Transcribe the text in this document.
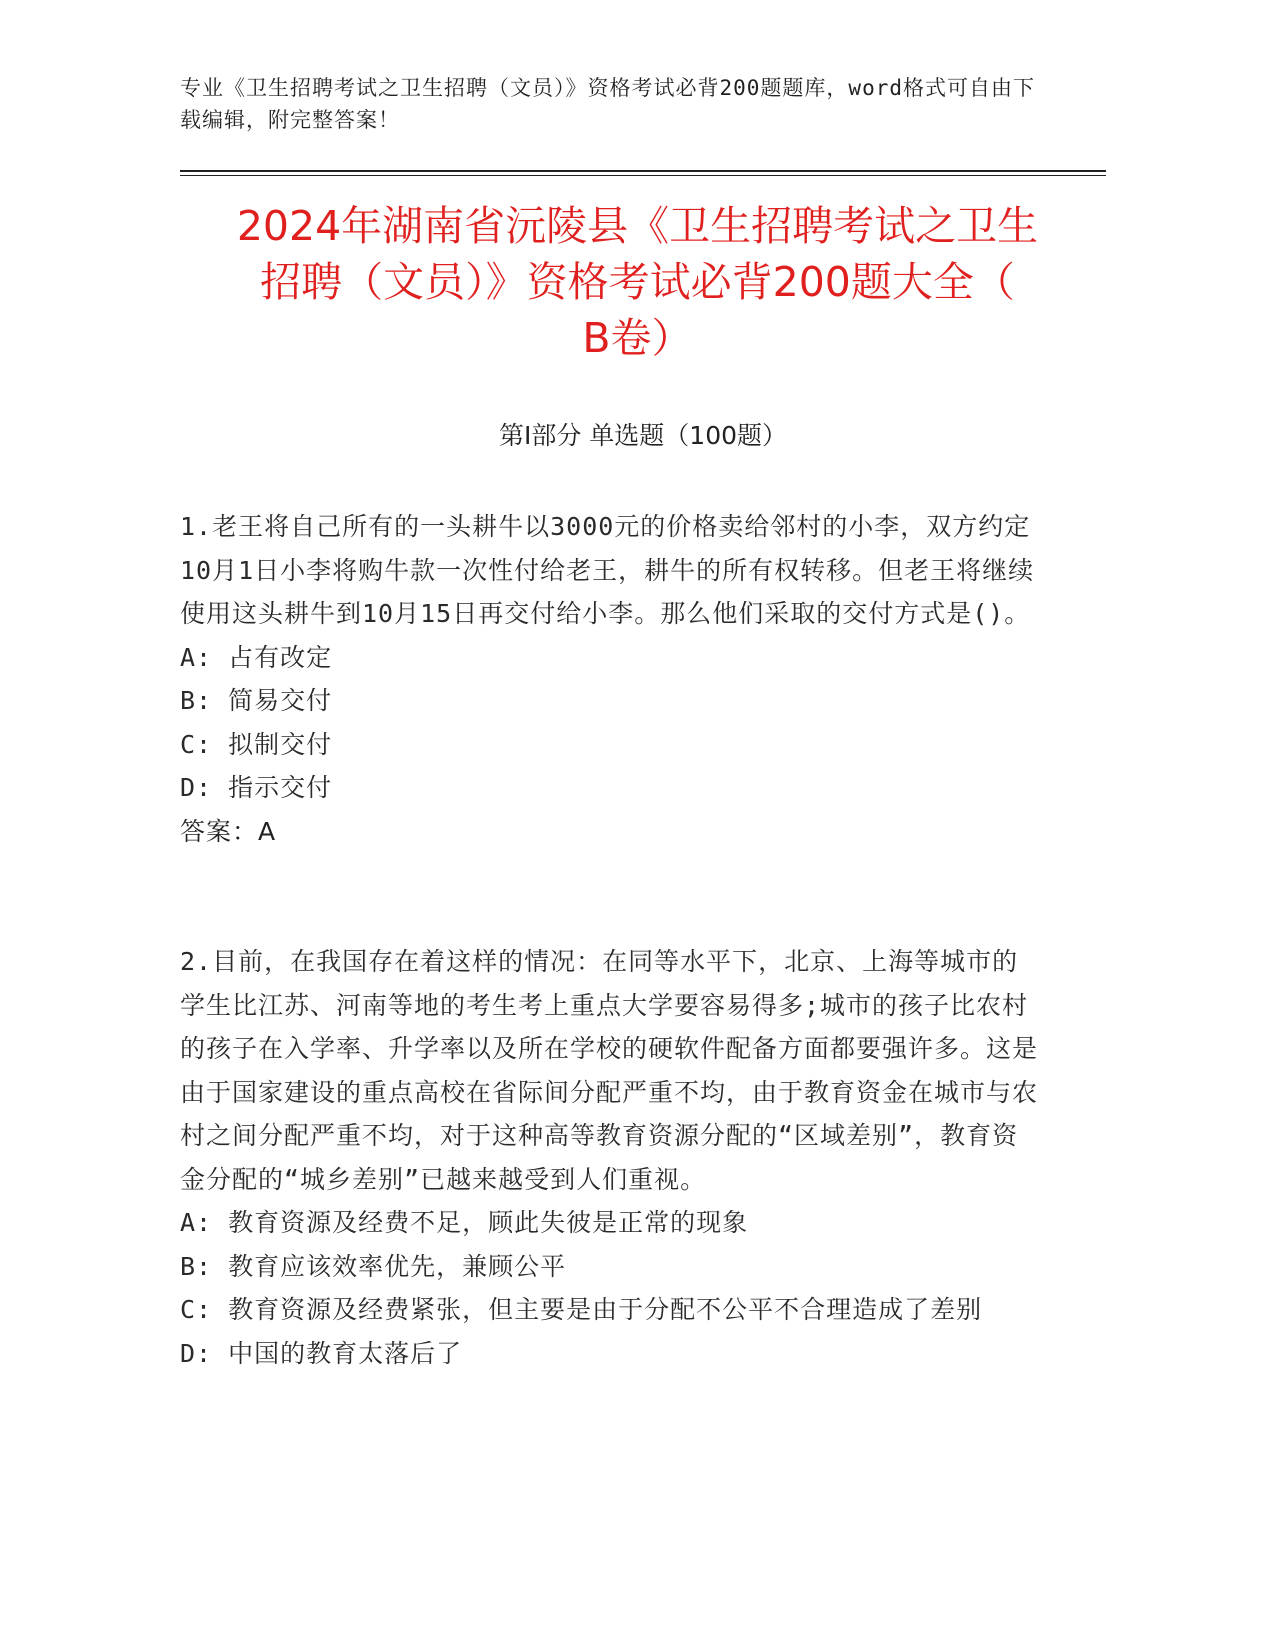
专业《卫生招聘考试之卫生招聘（文员）》资格考试必背200题题库，word格式可自由下载编辑，附完整答案！
2024年湖南省沅陵县《卫生招聘考试之卫生
招聘（文员）》资格考试必背200题大全（
B卷）
第I部分 单选题（100题）

1.老王将自己所有的一头耕牛以3000元的价格卖给邻村的小李，双方约定10月1日小李将购牛款一次性付给老王，耕牛的所有权转移。但老王将继续使用这头耕牛到10月15日再交付给小李。那么他们采取的交付方式是()。

A: 占有改定

B: 简易交付

C: 拟制交付

D: 指示交付

答案：A

2.目前，在我国存在着这样的情况：在同等水平下，北京、上海等城市的学生比江苏、河南等地的考生考上重点大学要容易得多;城市的孩子比农村的孩子在入学率、升学率以及所在学校的硬软件配备方面都要强许多。这是由于国家建设的重点高校在省际间分配严重不均，由于教育资金在城市与农村之间分配严重不均，对于这种高等教育资源分配的“区域差别”，教育资金分配的“城乡差别”已越来越受到人们重视。

A: 教育资源及经费不足，顾此失彼是正常的现象

B: 教育应该效率优先，兼顾公平

C: 教育资源及经费紧张，但主要是由于分配不公平不合理造成了差别

D: 中国的教育太落后了
